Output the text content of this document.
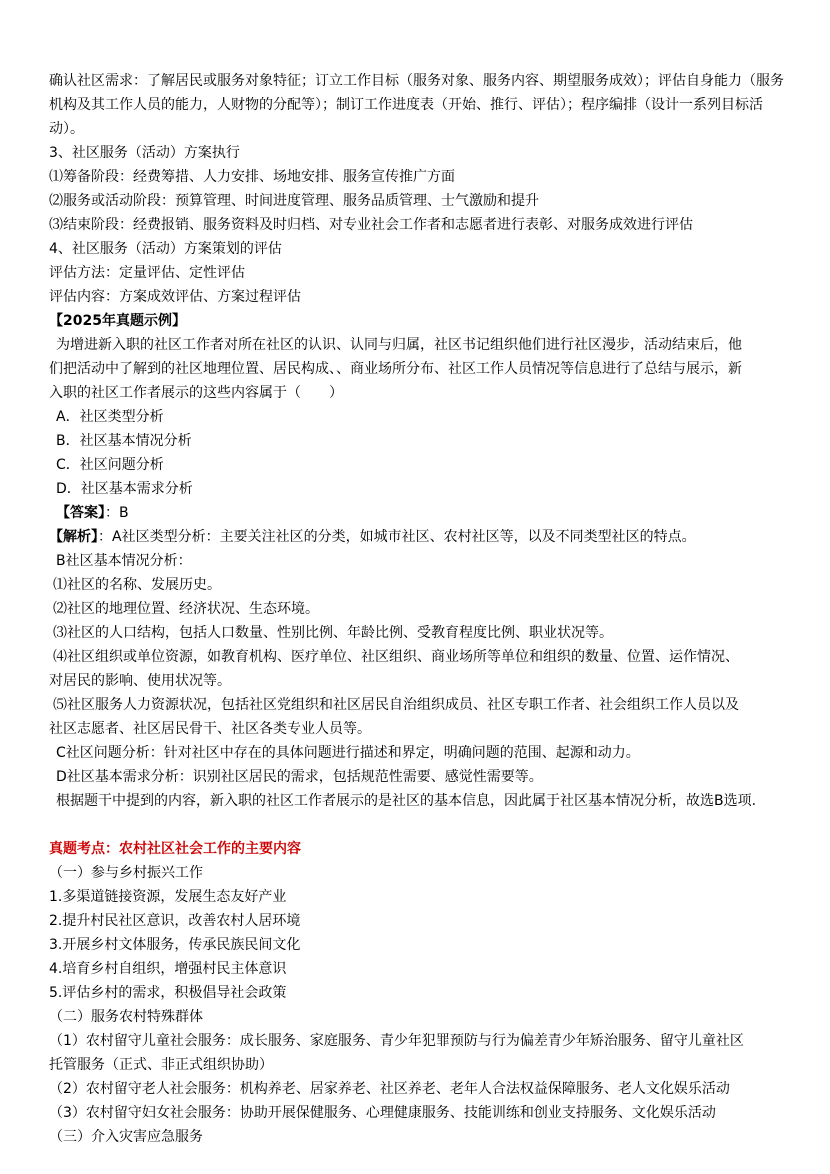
确认社区需求：了解居民或服务对象特征；订立工作目标（服务对象、服务内容、期望服务成效）；评估自身能力（服务
机构及其工作人员的能力，人财物的分配等）；制订工作进度表（开始、推行、评估）；程序编排（设计一系列目标活
动）。
3、社区服务（活动）方案执行
⑴筹备阶段：经费筹措、人力安排、场地安排、服务宣传推广方面
⑵服务或活动阶段：预算管理、时间进度管理、服务品质管理、士气激励和提升
⑶结束阶段：经费报销、服务资料及时归档、对专业社会工作者和志愿者进行表彰、对服务成效进行评估
4、社区服务（活动）方案策划的评估
评估方法：定量评估、定性评估
评估内容：方案成效评估、方案过程评估
【2025年真题示例】
为增进新入职的社区工作者对所在社区的认识、认同与归属，社区书记组织他们进行社区漫步，活动结束后，他
们把活动中了解到的社区地理位置、居民构成、、商业场所分布、社区工作人员情况等信息进行了总结与展示，新
入职的社区工作者展示的这些内容属于（　　）
A．社区类型分析
B．社区基本情况分析
C．社区问题分析
D．社区基本需求分析
【答案】：B
【解析】：A社区类型分析：主要关注社区的分类，如城市社区、农村社区等，以及不同类型社区的特点。
B社区基本情况分析：
⑴社区的名称、发展历史。
⑵社区的地理位置、经济状况、生态环境。
⑶社区的人口结构，包括人口数量、性别比例、年龄比例、受教育程度比例、职业状况等。
⑷社区组织或单位资源，如教育机构、医疗单位、社区组织、商业场所等单位和组织的数量、位置、运作情况、
对居民的影响、使用状况等。
⑸社区服务人力资源状况，包括社区党组织和社区居民自治组织成员、社区专职工作者、社会组织工作人员以及
社区志愿者、社区居民骨干、社区各类专业人员等。
C社区问题分析：针对社区中存在的具体问题进行描述和界定，明确问题的范围、起源和动力。
D社区基本需求分析：识别社区居民的需求，包括规范性需要、感觉性需要等。
根据题干中提到的内容，新入职的社区工作者展示的是社区的基本信息，因此属于社区基本情况分析，故选B选项.
真题考点：农村社区社会工作的主要内容
（一）参与乡村振兴工作
1.多渠道链接资源，发展生态友好产业
2.提升村民社区意识，改善农村人居环境
3.开展乡村文体服务，传承民族民间文化
4.培育乡村自组织，增强村民主体意识
5.评估乡村的需求，积极倡导社会政策
（二）服务农村特殊群体
（1）农村留守儿童社会服务：成长服务、家庭服务、青少年犯罪预防与行为偏差青少年矫治服务、留守儿童社区
托管服务（正式、非正式组织协助）
（2）农村留守老人社会服务：机构养老、居家养老、社区养老、老年人合法权益保障服务、老人文化娱乐活动
（3）农村留守妇女社会服务：协助开展保健服务、心理健康服务、技能训练和创业支持服务、文化娱乐活动
（三）介入灾害应急服务
